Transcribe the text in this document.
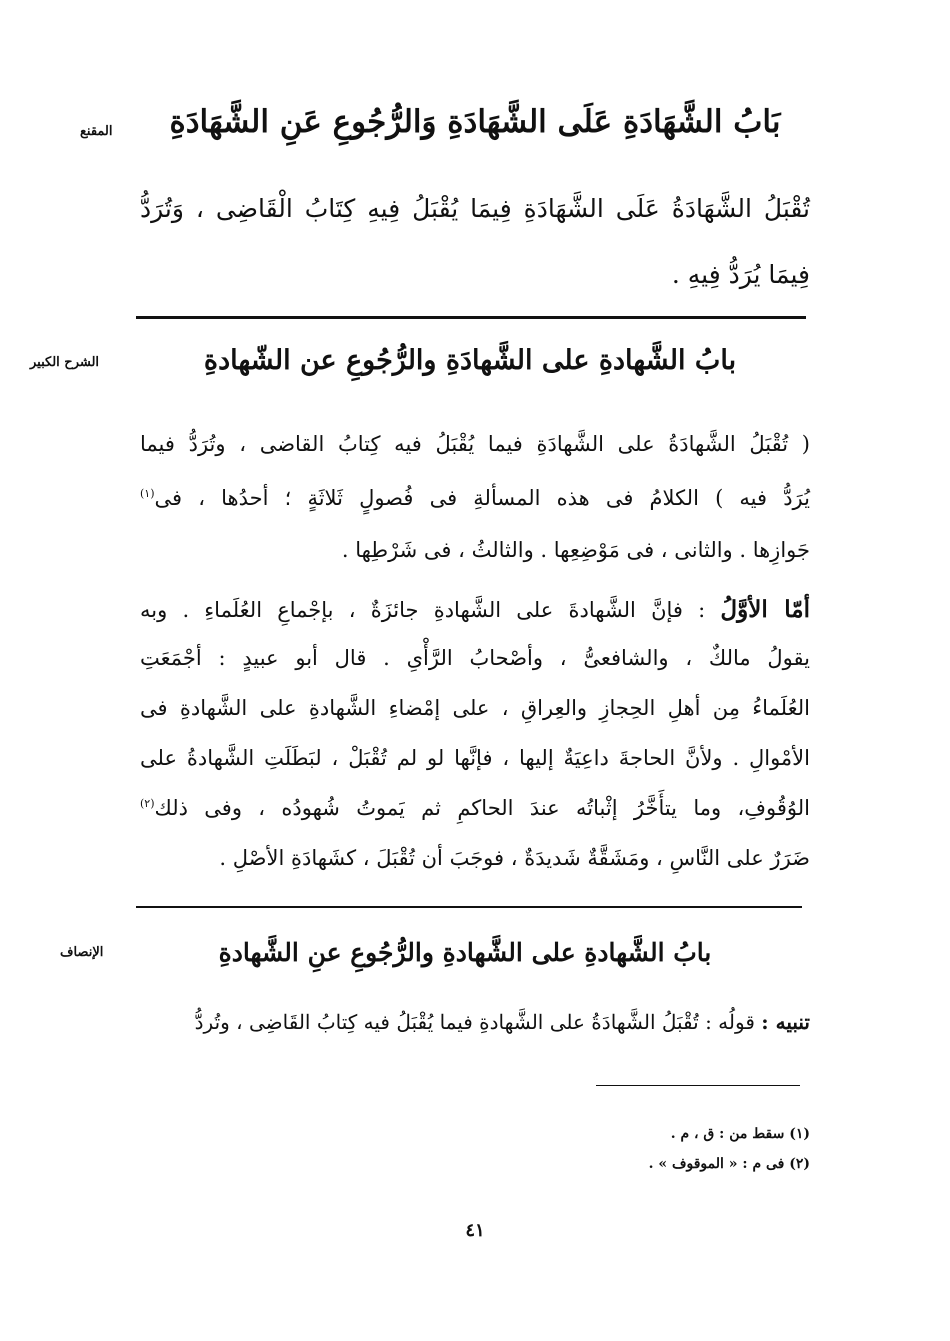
المقنع	بَابُ الشَّهَادَةِ عَلَى الشَّهَادَةِ وَالرُّجُوعِ عَنِ الشَّهَادَةِ
تُقْبَلُ الشَّهَادَةُ عَلَى الشَّهَادَةِ فِيمَا يُقْبَلُ فِيهِ كِتَابُ الْقَاضِى ، وَتُرَدُّ
فِيمَا يُرَدُّ فِيهِ .
الشرح الكبير	بابُ الشَّهادةِ على الشَّهادَةِ والرُّجُوعِ عن الشّهادةِ
( تُقْبَلُ الشَّهادَةُ على الشَّهادَةِ فيما يُقْبَلُ فيه كِتابُ القاضى ، وتُرَدُّ فيما
يُرَدُّ فيه ) الكلامُ فى هذه المسألةِ فى فُصولٍ ثَلاثَةٍ ؛ أحدُها ، فى$^{(١)}$
جَوازِها . والثانى ، فى مَوْضِعِها . والثالثُ ، فى شَرْطِها .
أمّا الأوَّلُ : فإنَّ الشَّهادةَ على الشَّهادةِ جائزَةٌ ، بإجْماعِ العُلَماءِ . وبه
يقولُ مالكٌ ، والشافعىُّ ، وأصْحابُ الرَّأْىِ . قال أبو عبيدٍ : أجْمَعَتِ
العُلَماءُ مِن أهلِ الحِجازِ والعِراقِ ، على إمْضاءِ الشَّهادةِ على الشَّهادةِ فى
الأمْوالِ . ولأنَّ الحاجةَ داعِيَةٌ إليها ، فإنَّها لو لم تُقْبَلْ ، لبَطَلَتِ الشَّهادةُ على
الوُقُوفِ، وما يتأَخَّرُ إثْباتُه عندَ الحاكمِ ثم يَموتُ شُهودُه ، وفى ذلك$^{(٢)}$
ضَرَرٌ على النَّاسِ ، ومَشَقَّةٌ شَديدَةٌ ، فوجَبَ أن تُقْبَلَ ، كشَهادَةِ الأصْلِ .
الإنصاف	بابُ الشَّهادةِ على الشَّهادةِ والرُّجُوعِ عنِ الشَّهادةِ
تنبيه : قولُه : تُقْبَلُ الشَّهادَةُ على الشَّهادةِ فيما يُقْبَلُ فيه كِتابُ القَاضِى ، وتُردُّ
(١) سقط من : ق ، م .
(٢) فى م : « الموقوف » .
٤١
